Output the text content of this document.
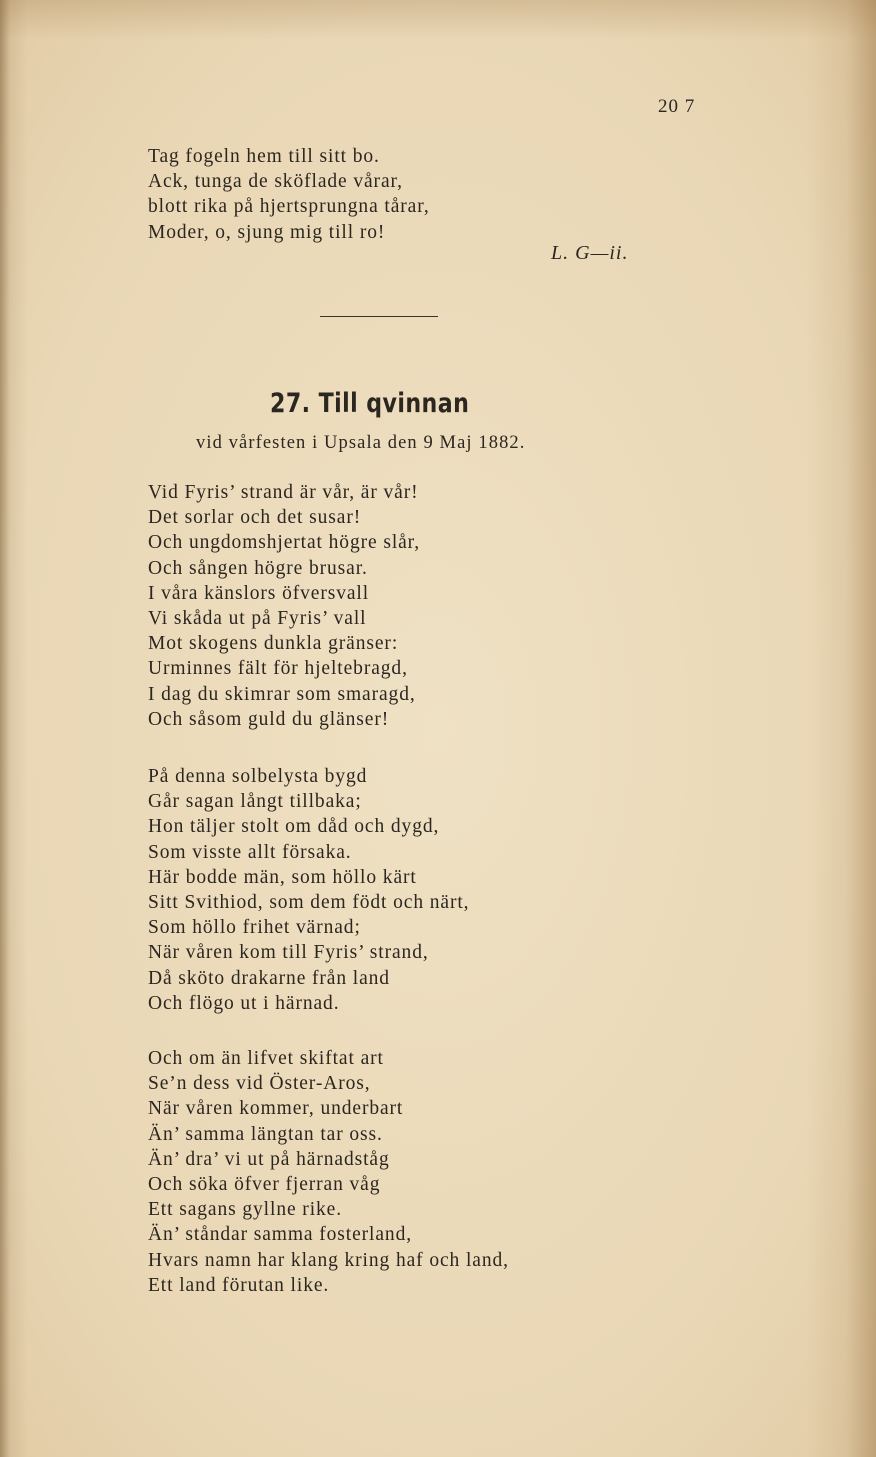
20 7
Tag fogeln hem till sitt bo.
Ack, tunga de sköflade vårar,
blott rika på hjertsprungna tårar,
Moder, o, sjung mig till ro!
L. G—ii.
27. Till qvinnan
vid vårfesten i Upsala den 9 Maj 1882.
Vid Fyris’ strand är vår, är vår!
Det sorlar och det susar!
Och ungdomshjertat högre slår,
Och sången högre brusar.
I våra känslors öfversvall
Vi skåda ut på Fyris’ vall
Mot skogens dunkla gränser:
Urminnes fält för hjeltebragd,
I dag du skimrar som smaragd,
Och såsom guld du glänser!
På denna solbelysta bygd
Går sagan långt tillbaka;
Hon täljer stolt om dåd och dygd,
Som visste allt försaka.
Här bodde män, som höllo kärt
Sitt Svithiod, som dem födt och närt,
Som höllo frihet värnad;
När våren kom till Fyris’ strand,
Då sköto drakarne från land
Och flögo ut i härnad.
Och om än lifvet skiftat art
Se’n dess vid Öster-Aros,
När våren kommer, underbart
Än’ samma längtan tar oss.
Än’ dra’ vi ut på härnadståg
Och söka öfver fjerran våg
Ett sagans gyllne rike.
Än’ ståndar samma fosterland,
Hvars namn har klang kring haf och land,
Ett land förutan like.
